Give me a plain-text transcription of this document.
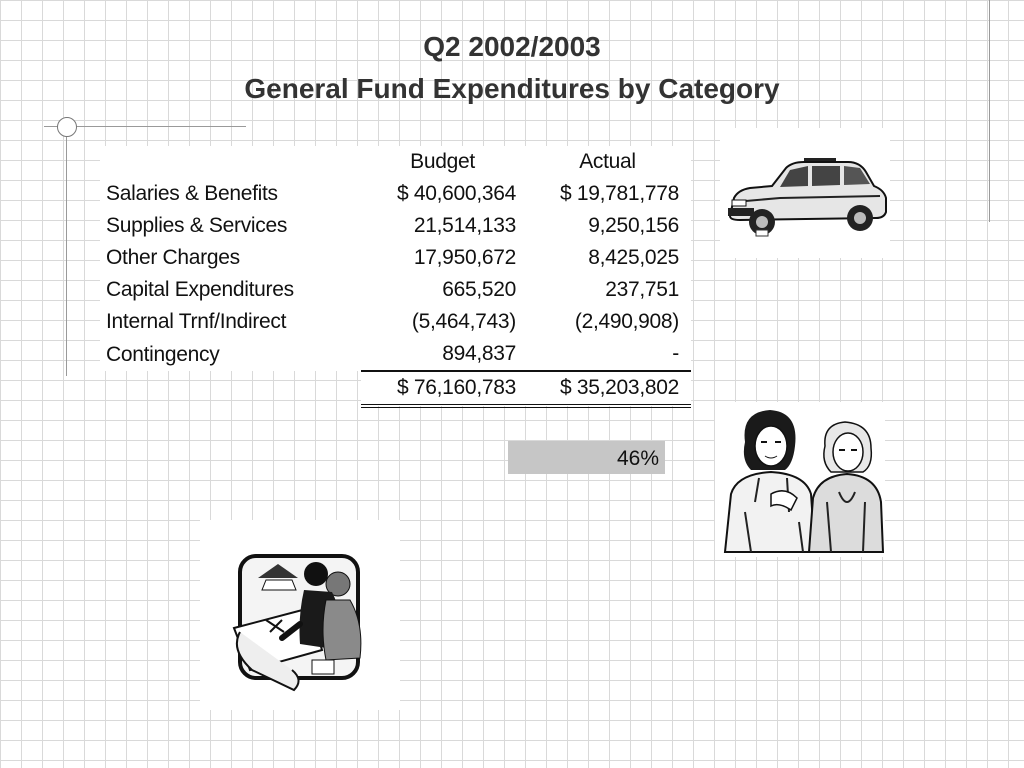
Q2 2002/2003
General Fund Expenditures by Category
	Budget	Actual
Salaries & Benefits	$ 40,600,364	$ 19,781,778
Supplies & Services	21,514,133	9,250,156
Other Charges	17,950,672	8,425,025
Capital Expenditures	665,520	237,751
Internal Trnf/Indirect	(5,464,743)	(2,490,908)
Contingency	894,837	-
	$ 76,160,783	$ 35,203,802
46%
